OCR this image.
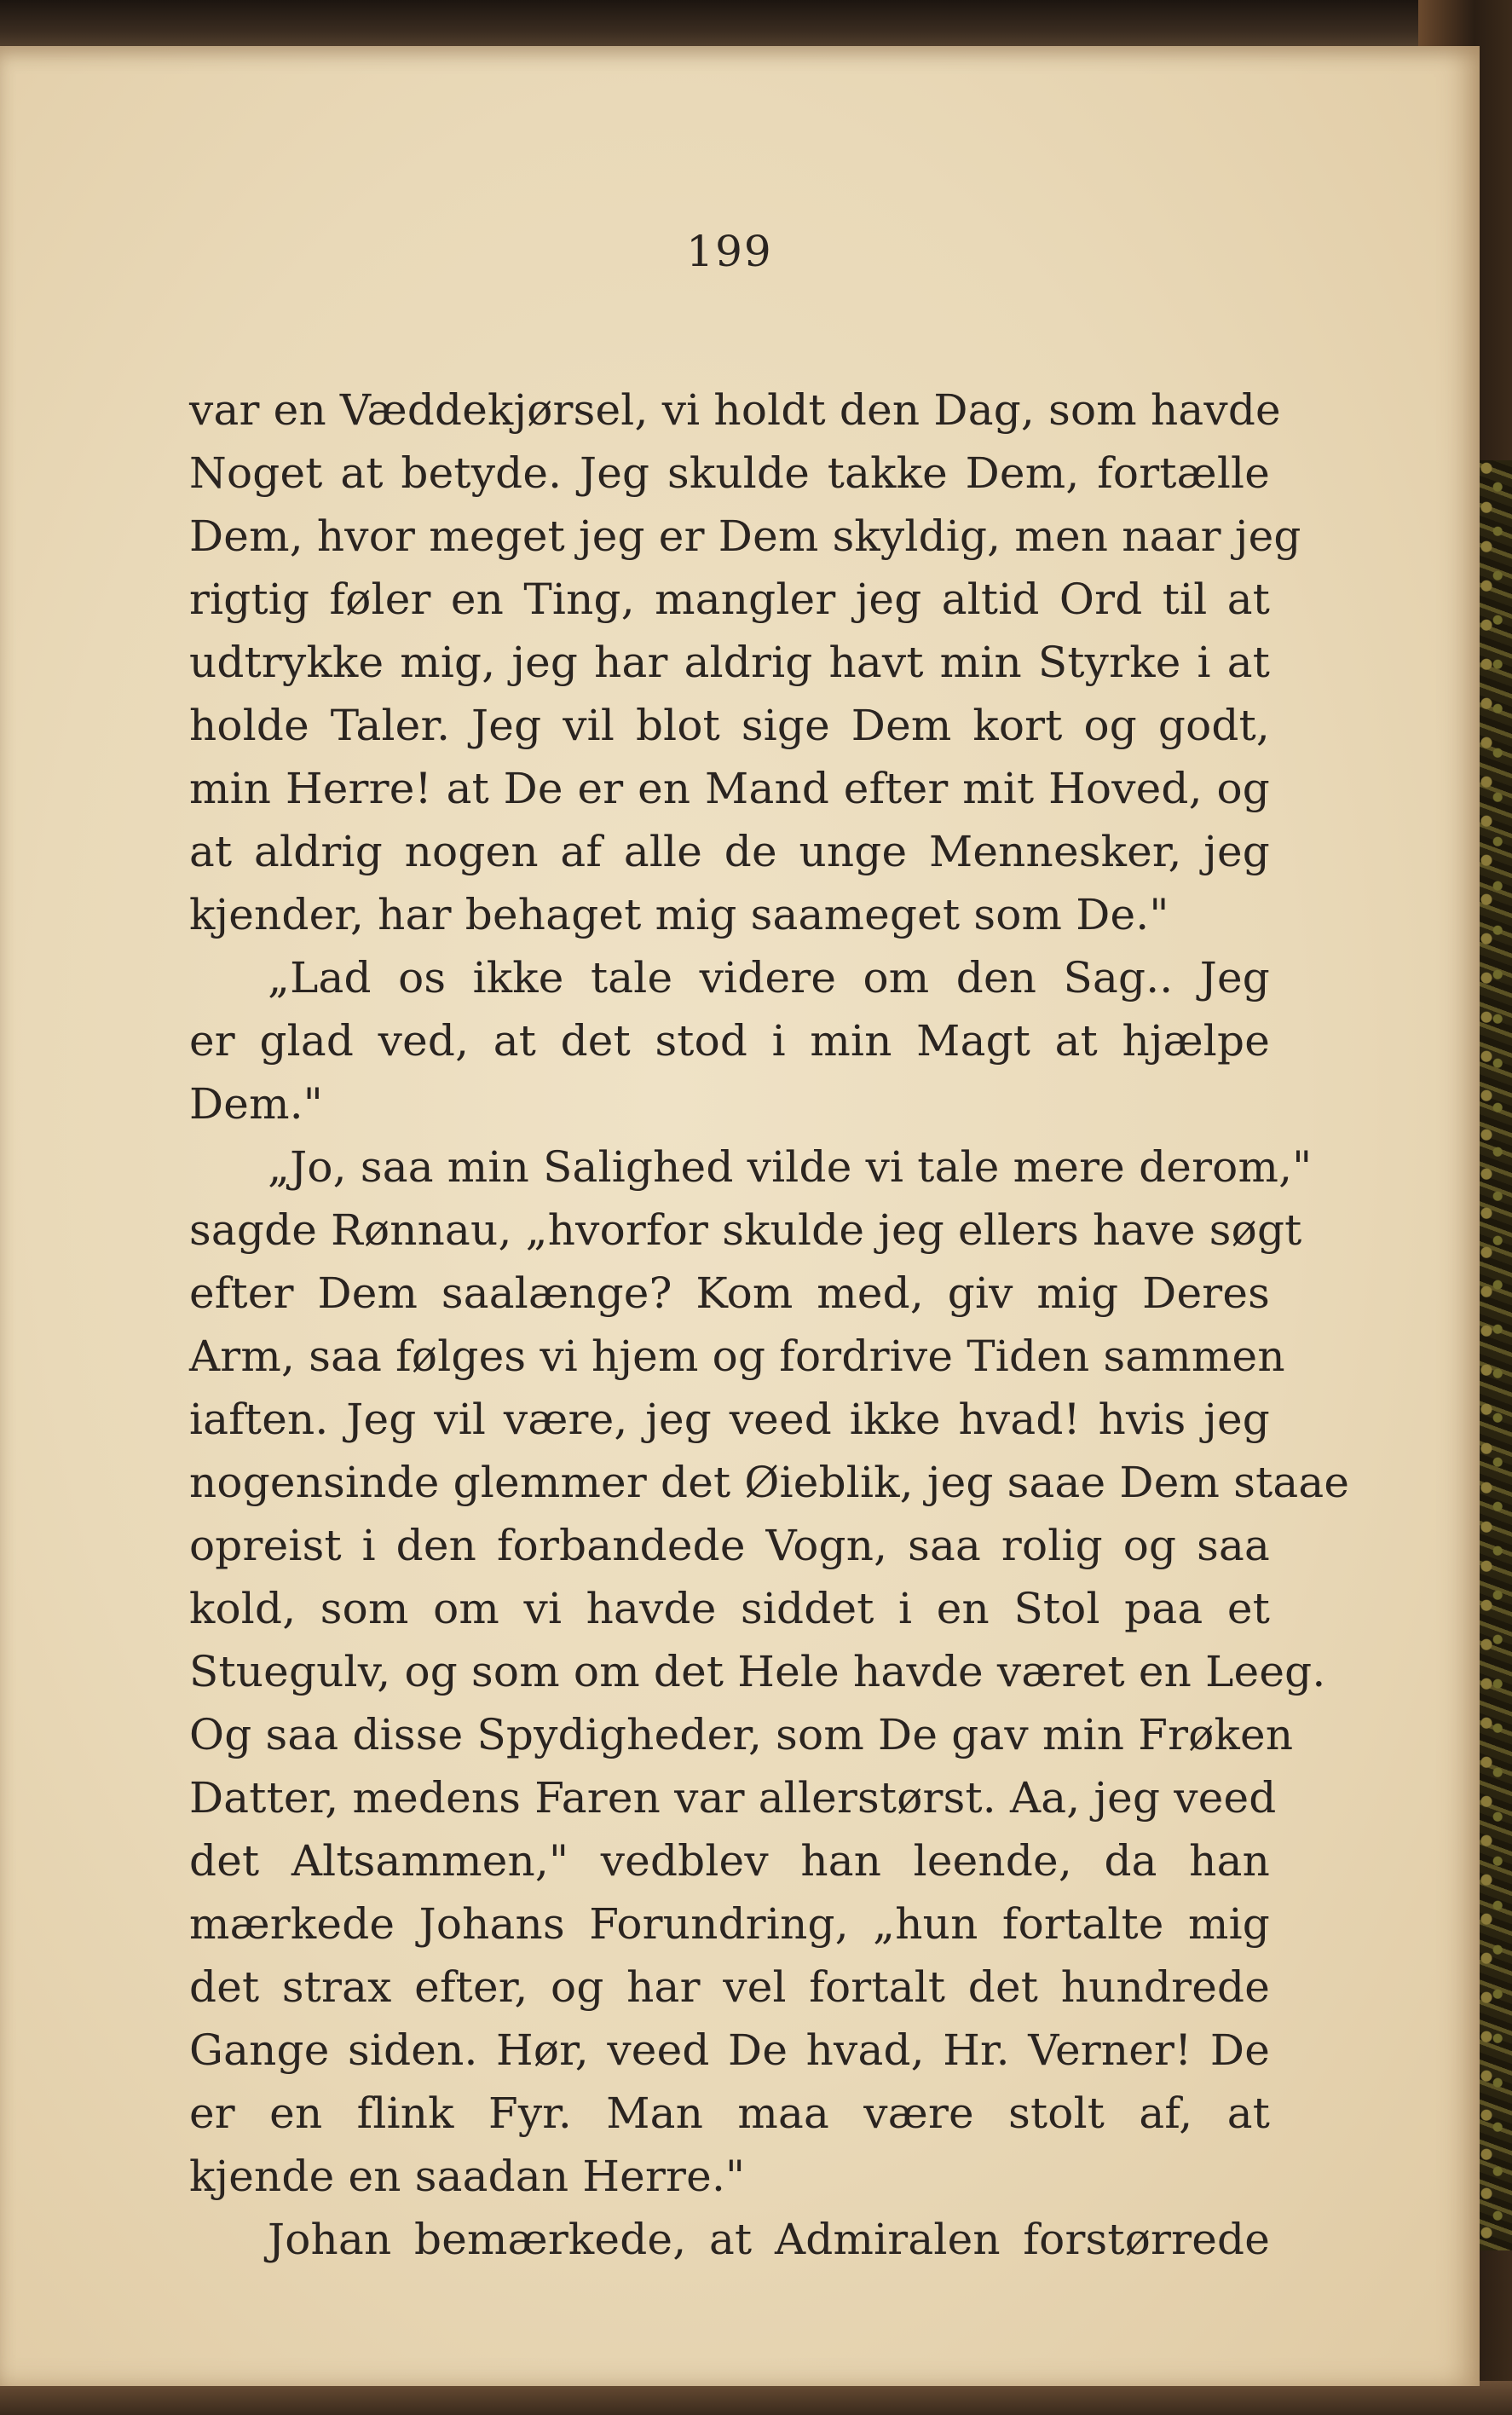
199
var en Væddekjørsel, vi holdt den Dag, som havde
Noget at betyde. Jeg skulde takke Dem, fortælle
Dem, hvor meget jeg er Dem skyldig, men naar jeg
rigtig føler en Ting, mangler jeg altid Ord til at
udtrykke mig, jeg har aldrig havt min Styrke i at
holde Taler. Jeg vil blot sige Dem kort og godt,
min Herre! at De er en Mand efter mit Hoved, og
at aldrig nogen af alle de unge Mennesker, jeg
kjender, har behaget mig saameget som De."
„Lad os ikke tale videre om den Sag.. Jeg
er glad ved, at det stod i min Magt at hjælpe
Dem."
„Jo, saa min Salighed vilde vi tale mere derom,"
sagde Rønnau, „hvorfor skulde jeg ellers have søgt
efter Dem saalænge? Kom med, giv mig Deres
Arm, saa følges vi hjem og fordrive Tiden sammen
iaften. Jeg vil være, jeg veed ikke hvad! hvis jeg
nogensinde glemmer det Øieblik, jeg saae Dem staae
opreist i den forbandede Vogn, saa rolig og saa
kold, som om vi havde siddet i en Stol paa et
Stuegulv, og som om det Hele havde været en Leeg.
Og saa disse Spydigheder, som De gav min Frøken
Datter, medens Faren var allerstørst. Aa, jeg veed
det Altsammen," vedblev han leende, da han
mærkede Johans Forundring, „hun fortalte mig
det strax efter, og har vel fortalt det hundrede
Gange siden. Hør, veed De hvad, Hr. Verner! De
er en flink Fyr. Man maa være stolt af, at
kjende en saadan Herre."
Johan bemærkede, at Admiralen forstørrede
